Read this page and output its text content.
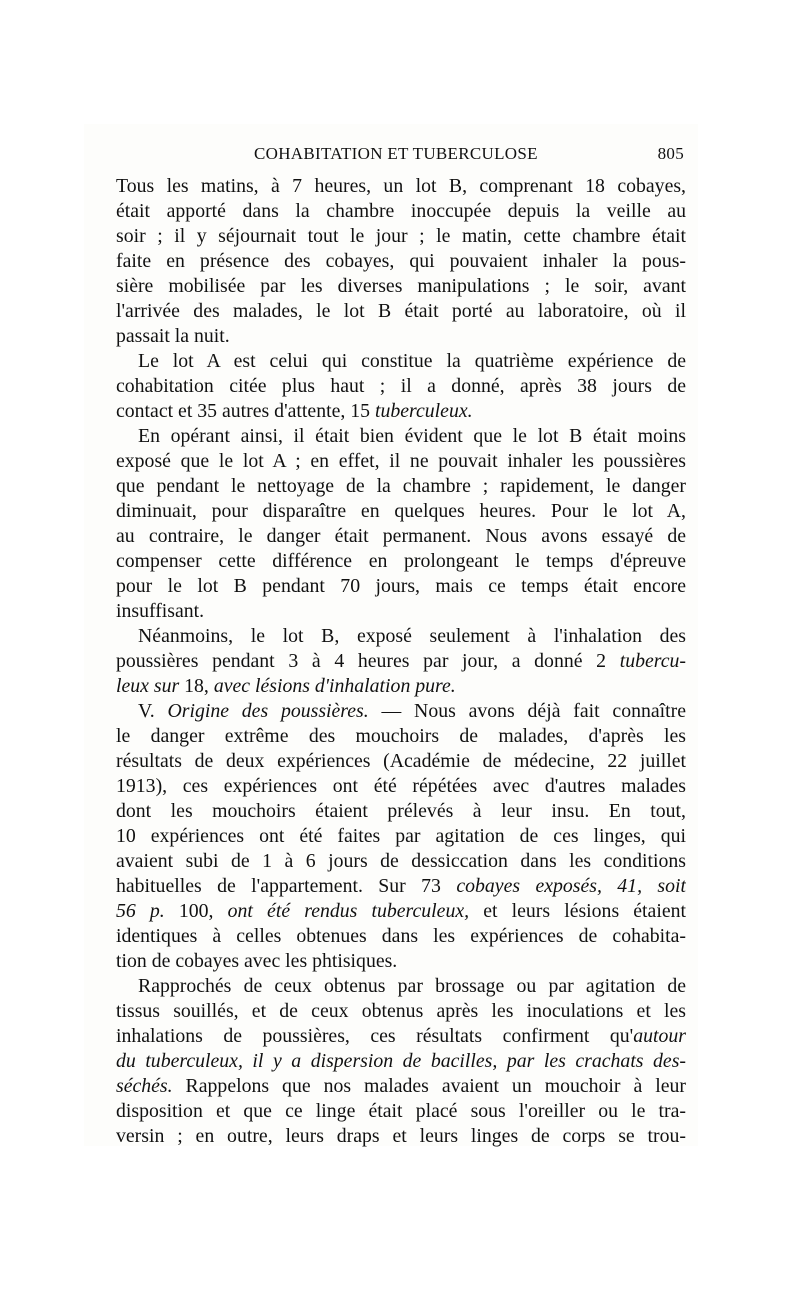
COHABITATION ET TUBERCULOSE	805
Tous les matins, à 7 heures, un lot B, comprenant 18 cobayes,
était apporté dans la chambre inoccupée depuis la veille au
soir ; il y séjournait tout le jour ; le matin, cette chambre était
faite en présence des cobayes, qui pouvaient inhaler la pous-
sière mobilisée par les diverses manipulations ; le soir, avant
l'arrivée des malades, le lot B était porté au laboratoire, où il
passait la nuit.
Le lot A est celui qui constitue la quatrième expérience de
cohabitation citée plus haut ; il a donné, après 38 jours de
contact et 35 autres d'attente, 15 tuberculeux.
En opérant ainsi, il était bien évident que le lot B était moins
exposé que le lot A ; en effet, il ne pouvait inhaler les poussières
que pendant le nettoyage de la chambre ; rapidement, le danger
diminuait, pour disparaître en quelques heures. Pour le lot A,
au contraire, le danger était permanent. Nous avons essayé de
compenser cette différence en prolongeant le temps d'épreuve
pour le lot B pendant 70 jours, mais ce temps était encore
insuffisant.
Néanmoins, le lot B, exposé seulement à l'inhalation des
poussières pendant 3 à 4 heures par jour, a donné 2 tubercu-
leux sur 18, avec lésions d'inhalation pure.
V. Origine des poussières. — Nous avons déjà fait connaître
le danger extrême des mouchoirs de malades, d'après les
résultats de deux expériences (Académie de médecine, 22 juillet
1913), ces expériences ont été répétées avec d'autres malades
dont les mouchoirs étaient prélevés à leur insu. En tout,
10 expériences ont été faites par agitation de ces linges, qui
avaient subi de 1 à 6 jours de dessiccation dans les conditions
habituelles de l'appartement. Sur 73 cobayes exposés, 41, soit
56 p. 100, ont été rendus tuberculeux, et leurs lésions étaient
identiques à celles obtenues dans les expériences de cohabita-
tion de cobayes avec les phtisiques.
Rapprochés de ceux obtenus par brossage ou par agitation de
tissus souillés, et de ceux obtenus après les inoculations et les
inhalations de poussières, ces résultats confirment qu'autour
du tuberculeux, il y a dispersion de bacilles, par les crachats des-
séchés. Rappelons que nos malades avaient un mouchoir à leur
disposition et que ce linge était placé sous l'oreiller ou le tra-
versin ; en outre, leurs draps et leurs linges de corps se trou-
